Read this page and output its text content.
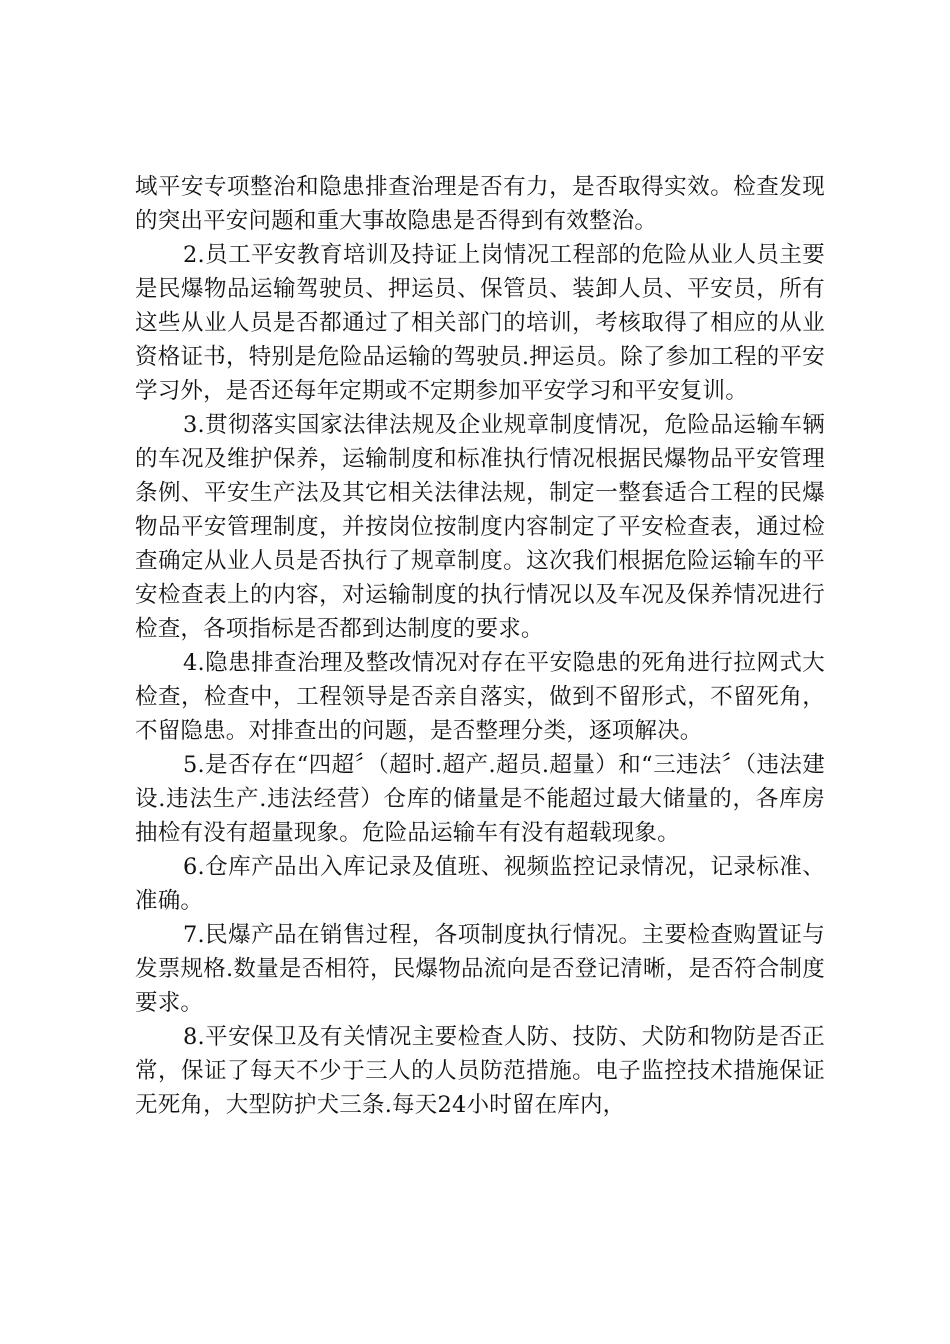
域平安专项整治和隐患排查治理是否有力，是否取得实效。检查发现的突出平安问题和重大事故隐患是否得到有效整治。

2.员工平安教育培训及持证上岗情况工程部的危险从业人员主要是民爆物品运输驾驶员、押运员、保管员、装卸人员、平安员，所有这些从业人员是否都通过了相关部门的培训，考核取得了相应的从业资格证书，特别是危险品运输的驾驶员.押运员。除了参加工程的平安学习外，是否还每年定期或不定期参加平安学习和平安复训。

3.贯彻落实国家法律法规及企业规章制度情况，危险品运输车辆的车况及维护保养，运输制度和标准执行情况根据民爆物品平安管理条例、平安生产法及其它相关法律法规，制定一整套适合工程的民爆物品平安管理制度，并按岗位按制度内容制定了平安检查表，通过检查确定从业人员是否执行了规章制度。这次我们根据危险运输车的平安检查表上的内容，对运输制度的执行情况以及车况及保养情况进行检查，各项指标是否都到达制度的要求。

4.隐患排查治理及整改情况对存在平安隐患的死角进行拉网式大检查，检查中，工程领导是否亲自落实，做到不留形式，不留死角，不留隐患。对排查出的问题，是否整理分类，逐项解决。

5.是否存在“四超〞（超时.超产.超员.超量）和“三违法〞（违法建设.违法生产.违法经营）仓库的储量是不能超过最大储量的，各库房抽检有没有超量现象。危险品运输车有没有超载现象。

6.仓库产品出入库记录及值班、视频监控记录情况，记录标准、准确。

7.民爆产品在销售过程，各项制度执行情况。主要检查购置证与发票规格.数量是否相符，民爆物品流向是否登记清晰，是否符合制度要求。

8.平安保卫及有关情况主要检查人防、技防、犬防和物防是否正常，保证了每天不少于三人的人员防范措施。电子监控技术措施保证无死角，大型防护犬三条.每天24小时留在库内，
